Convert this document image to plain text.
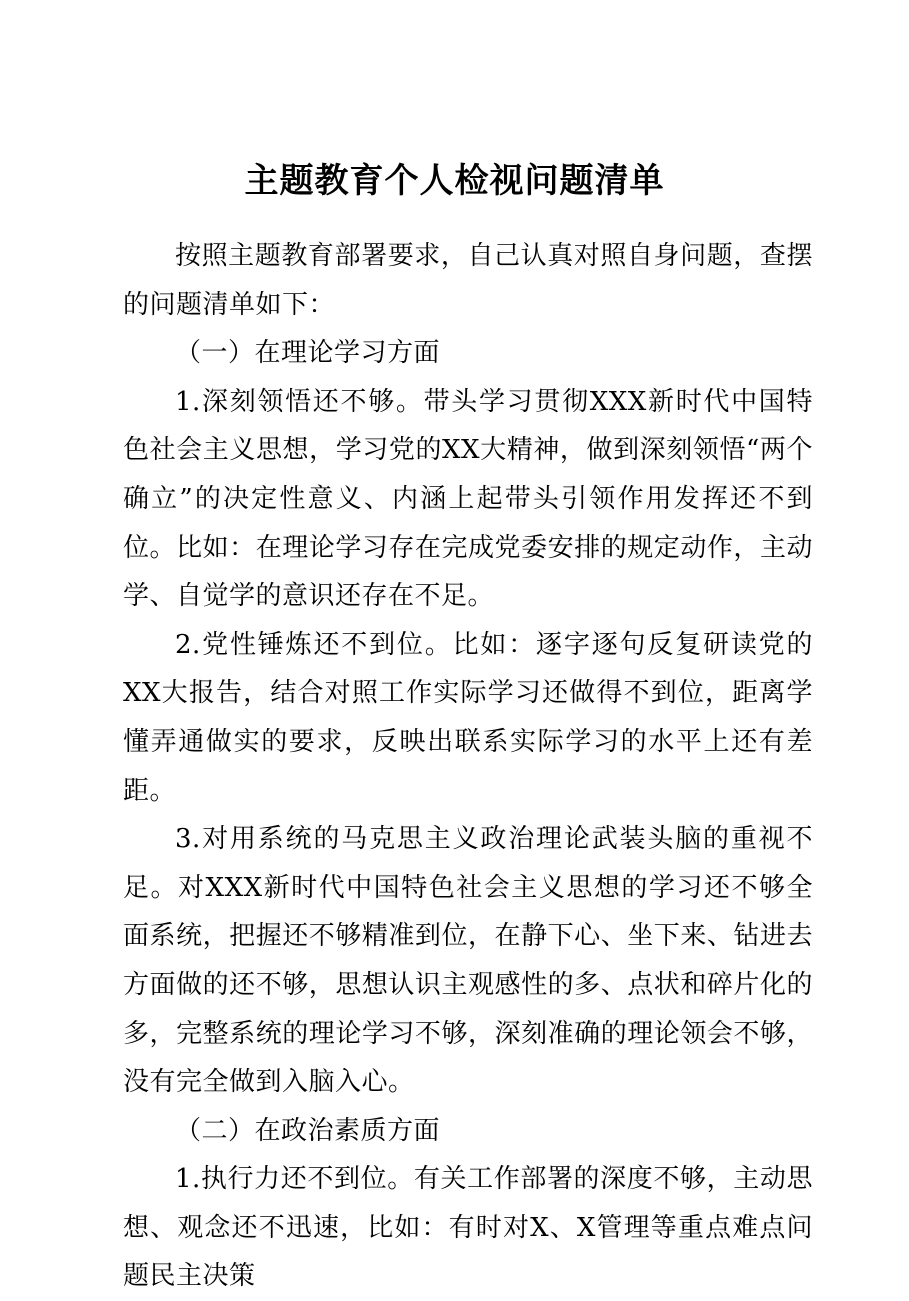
主题教育个人检视问题清单

按照主题教育部署要求，自己认真对照自身问题，查摆的问题清单如下：

（一）在理论学习方面

1.深刻领悟还不够。带头学习贯彻XXX新时代中国特色社会主义思想，学习党的XX大精神，做到深刻领悟“两个确立”的决定性意义、内涵上起带头引领作用发挥还不到位。比如：在理论学习存在完成党委安排的规定动作，主动学、自觉学的意识还存在不足。

2.党性锤炼还不到位。比如：逐字逐句反复研读党的XX大报告，结合对照工作实际学习还做得不到位，距离学懂弄通做实的要求，反映出联系实际学习的水平上还有差距。

3.对用系统的马克思主义政治理论武装头脑的重视不足。对XXX新时代中国特色社会主义思想的学习还不够全面系统，把握还不够精准到位，在静下心、坐下来、钻进去方面做的还不够，思想认识主观感性的多、点状和碎片化的多，完整系统的理论学习不够，深刻准确的理论领会不够，没有完全做到入脑入心。

（二）在政治素质方面

1.执行力还不到位。有关工作部署的深度不够，主动思想、观念还不迅速，比如：有时对X、X管理等重点难点问题民主决策
